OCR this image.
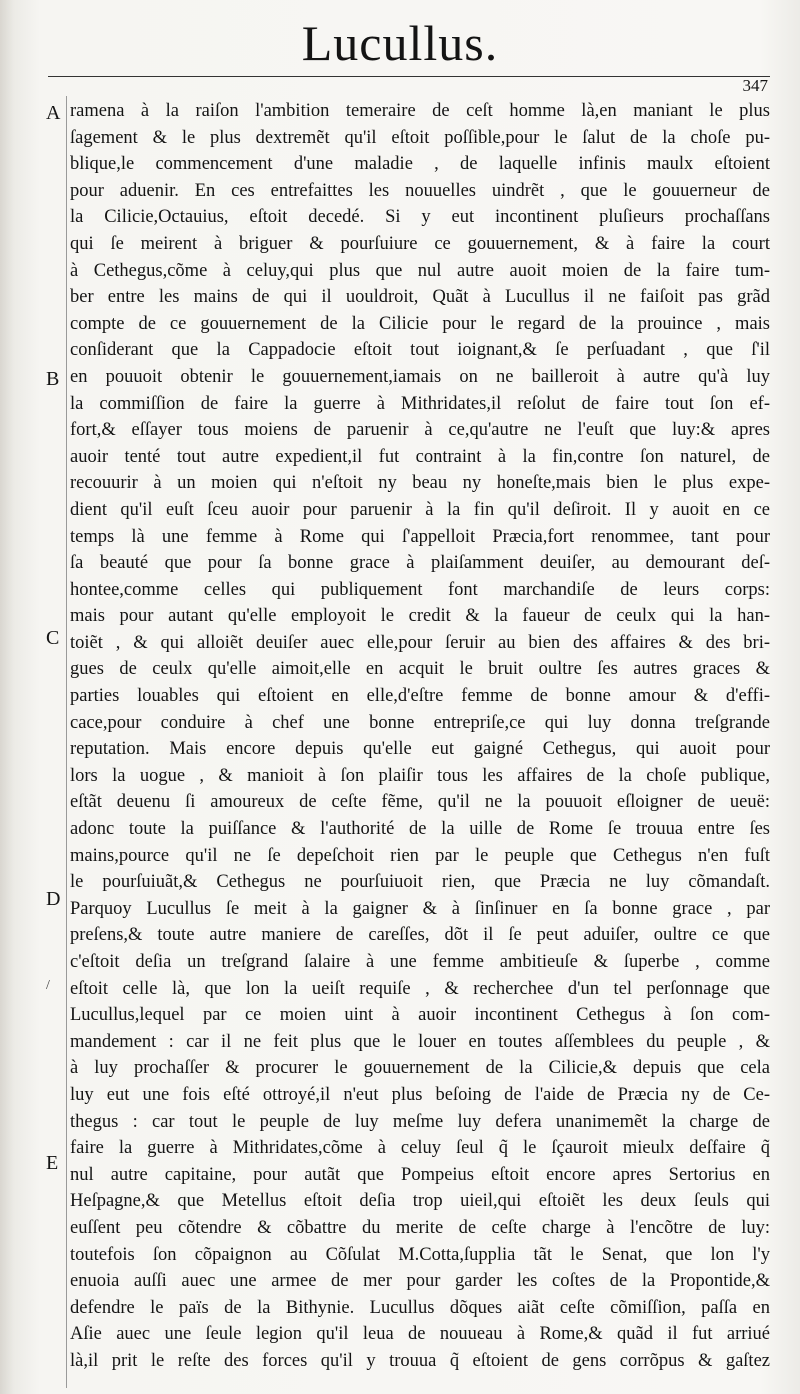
Lucullus.
347
A
B
C
D
E
/
ramena à la raiſon l'ambition temeraire de ceſt homme là,en maniant le plus
ſagement & le plus dextremẽt qu'il eſtoit poſſible,pour le ſalut de la choſe pu-
blique,le commencement d'une maladie , de laquelle infinis maulx eſtoient
pour aduenir. En ces entrefaittes les nouuelles uindrẽt , que le gouuerneur de
la Cilicie,Octauius, eſtoit decedé. Si y eut incontinent pluſieurs prochaſſans
qui ſe meirent à briguer & pourſuiure ce gouuernement, & à faire la court
à Cethegus,cõme à celuy,qui plus que nul autre auoit moien de la faire tum-
ber entre les mains de qui il uouldroit, Quãt à Lucullus il ne faiſoit pas grãd
compte de ce gouuernement de la Cilicie pour le regard de la prouince , mais
conſiderant que la Cappadocie eſtoit tout ioignant,& ſe perſuadant , que ſ'il
en pouuoit obtenir le gouuernement,iamais on ne bailleroit à autre qu'à luy
la commiſſion de faire la guerre à Mithridates,il reſolut de faire tout ſon ef-
fort,& eſſayer tous moiens de paruenir à ce,qu'autre ne l'euſt que luy:& apres
auoir tenté tout autre expedient,il fut contraint à la fin,contre ſon naturel, de
recouurir à un moien qui n'eſtoit ny beau ny honeſte,mais bien le plus expe-
dient qu'il euſt ſceu auoir pour paruenir à la fin qu'il deſiroit. Il y auoit en ce
temps là une femme à Rome qui ſ'appelloit Præcia,fort renommee, tant pour
ſa beauté que pour ſa bonne grace à plaiſamment deuiſer, au demourant deſ-
hontee,comme celles qui publiquement font marchandiſe de leurs corps:
mais pour autant qu'elle employoit le credit & la faueur de ceulx qui la han-
toiẽt , & qui alloiẽt deuiſer auec elle,pour ſeruir au bien des affaires & des bri-
gues de ceulx qu'elle aimoit,elle en acquit le bruit oultre ſes autres graces &
parties louables qui eſtoient en elle,d'eſtre femme de bonne amour & d'effi-
cace,pour conduire à chef une bonne entrepriſe,ce qui luy donna treſgrande
reputation. Mais encore depuis qu'elle eut gaigné Cethegus, qui auoit pour
lors la uogue , & manioit à ſon plaiſir tous les affaires de la choſe publique,
eſtãt deuenu ſi amoureux de ceſte fẽme, qu'il ne la pouuoit eſloigner de ueuë:
adonc toute la puiſſance & l'authorité de la uille de Rome ſe trouua entre ſes
mains,pource qu'il ne ſe depeſchoit rien par le peuple que Cethegus n'en fuſt
le pourſuiuãt,& Cethegus ne pourſuiuoit rien, que Præcia ne luy cõmandaſt.
Parquoy Lucullus ſe meit à la gaigner & à ſinſinuer en ſa bonne grace , par
preſens,& toute autre maniere de careſſes, dõt il ſe peut aduiſer, oultre ce que
c'eſtoit deſia un treſgrand ſalaire à une femme ambitieuſe & ſuperbe , comme
eſtoit celle là, que lon la ueiſt requiſe , & recherchee d'un tel perſonnage que
Lucullus,lequel par ce moien uint à auoir incontinent Cethegus à ſon com-
mandement : car il ne feit plus que le louer en toutes aſſemblees du peuple , &
à luy prochaſſer & procurer le gouuernement de la Cilicie,& depuis que cela
luy eut une fois eſté ottroyé,il n'eut plus beſoing de l'aide de Præcia ny de Ce-
thegus : car tout le peuple de luy meſme luy defera unanimemẽt la charge de
faire la guerre à Mithridates,cõme à celuy ſeul q̃ le ſçauroit mieulx deſfaire q̃
nul autre capitaine, pour autãt que Pompeius eſtoit encore apres Sertorius en
Heſpagne,& que Metellus eſtoit deſia trop uieil,qui eſtoiẽt les deux ſeuls qui
euſſent peu cõtendre & cõbattre du merite de ceſte charge à l'encõtre de luy:
toutefois ſon cõpaignon au Cõſulat M.Cotta,ſupplia tãt le Senat, que lon l'y
enuoia auſſi auec une armee de mer pour garder les coſtes de la Propontide,&
defendre le païs de la Bithynie. Lucullus dõques aiãt ceſte cõmiſſion, paſſa en
Aſie auec une ſeule legion qu'il leua de nouueau à Rome,& quãd il fut arriué
là,il prit le reſte des forces qu'il y trouua q̃ eſtoient de gens corrõpus & gaſtez
